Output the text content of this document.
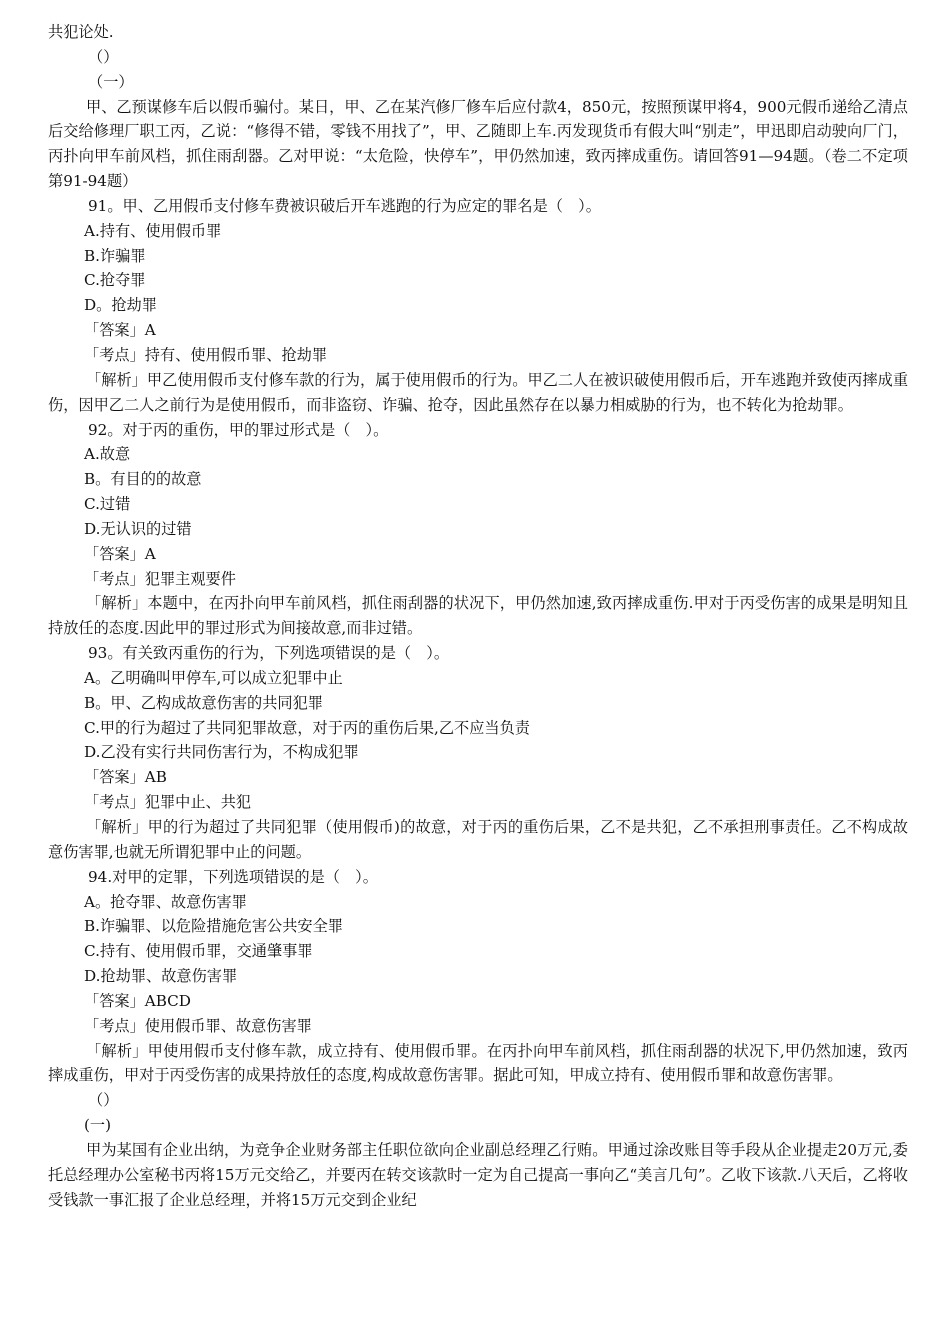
共犯论处.
（）
（一）
甲、乙预谋修车后以假币骗付。某日，甲、乙在某汽修厂修车后应付款4，850元，按照预谋甲将4，900元假币递给乙清点后交给修理厂职工丙，乙说：“修得不错，零钱不用找了”，甲、乙随即上车.丙发现货币有假大叫“别走”，甲迅即启动驶向厂门，丙扑向甲车前风档，抓住雨刮器。乙对甲说：“太危险，快停车”，甲仍然加速，致丙摔成重伤。请回答91—94题。（卷二不定项第91-94题）
91。甲、乙用假币支付修车费被识破后开车逃跑的行为应定的罪名是（　）。
A.持有、使用假币罪
B.诈骗罪
C.抢夺罪
D。抢劫罪
「答案」A
「考点」持有、使用假币罪、抢劫罪
「解析」甲乙使用假币支付修车款的行为，属于使用假币的行为。甲乙二人在被识破使用假币后，开车逃跑并致使丙摔成重伤，因甲乙二人之前行为是使用假币，而非盗窃、诈骗、抢夺，因此虽然存在以暴力相威胁的行为，也不转化为抢劫罪。
92。对于丙的重伤，甲的罪过形式是（　）。
A.故意
B。有目的的故意
C.过错
D.无认识的过错
「答案」A
「考点」犯罪主观要件
「解析」本题中，在丙扑向甲车前风档，抓住雨刮器的状况下，甲仍然加速,致丙摔成重伤.甲对于丙受伤害的成果是明知且持放任的态度.因此甲的罪过形式为间接故意,而非过错。
93。有关致丙重伤的行为，下列选项错误的是（　）。
A。乙明确叫甲停车,可以成立犯罪中止
B。甲、乙构成故意伤害的共同犯罪
C.甲的行为超过了共同犯罪故意，对于丙的重伤后果,乙不应当负责
D.乙没有实行共同伤害行为，不构成犯罪
「答案」AB
「考点」犯罪中止、共犯
「解析」甲的行为超过了共同犯罪（使用假币)的故意，对于丙的重伤后果，乙不是共犯，乙不承担刑事责任。乙不构成故意伤害罪,也就无所谓犯罪中止的问题。
94.对甲的定罪，下列选项错误的是（　）。
A。抢夺罪、故意伤害罪
B.诈骗罪、以危险措施危害公共安全罪
C.持有、使用假币罪，交通肇事罪
D.抢劫罪、故意伤害罪
「答案」ABCD
「考点」使用假币罪、故意伤害罪
「解析」甲使用假币支付修车款，成立持有、使用假币罪。在丙扑向甲车前风档，抓住雨刮器的状况下,甲仍然加速，致丙摔成重伤，甲对于丙受伤害的成果持放任的态度,构成故意伤害罪。据此可知，甲成立持有、使用假币罪和故意伤害罪。
（）
(一)
甲为某国有企业出纳，为竞争企业财务部主任职位欲向企业副总经理乙行贿。甲通过涂改账目等手段从企业提走20万元,委托总经理办公室秘书丙将15万元交给乙，并要丙在转交该款时一定为自己提高一事向乙“美言几句”。乙收下该款.八天后，乙将收受钱款一事汇报了企业总经理，并将15万元交到企业纪
